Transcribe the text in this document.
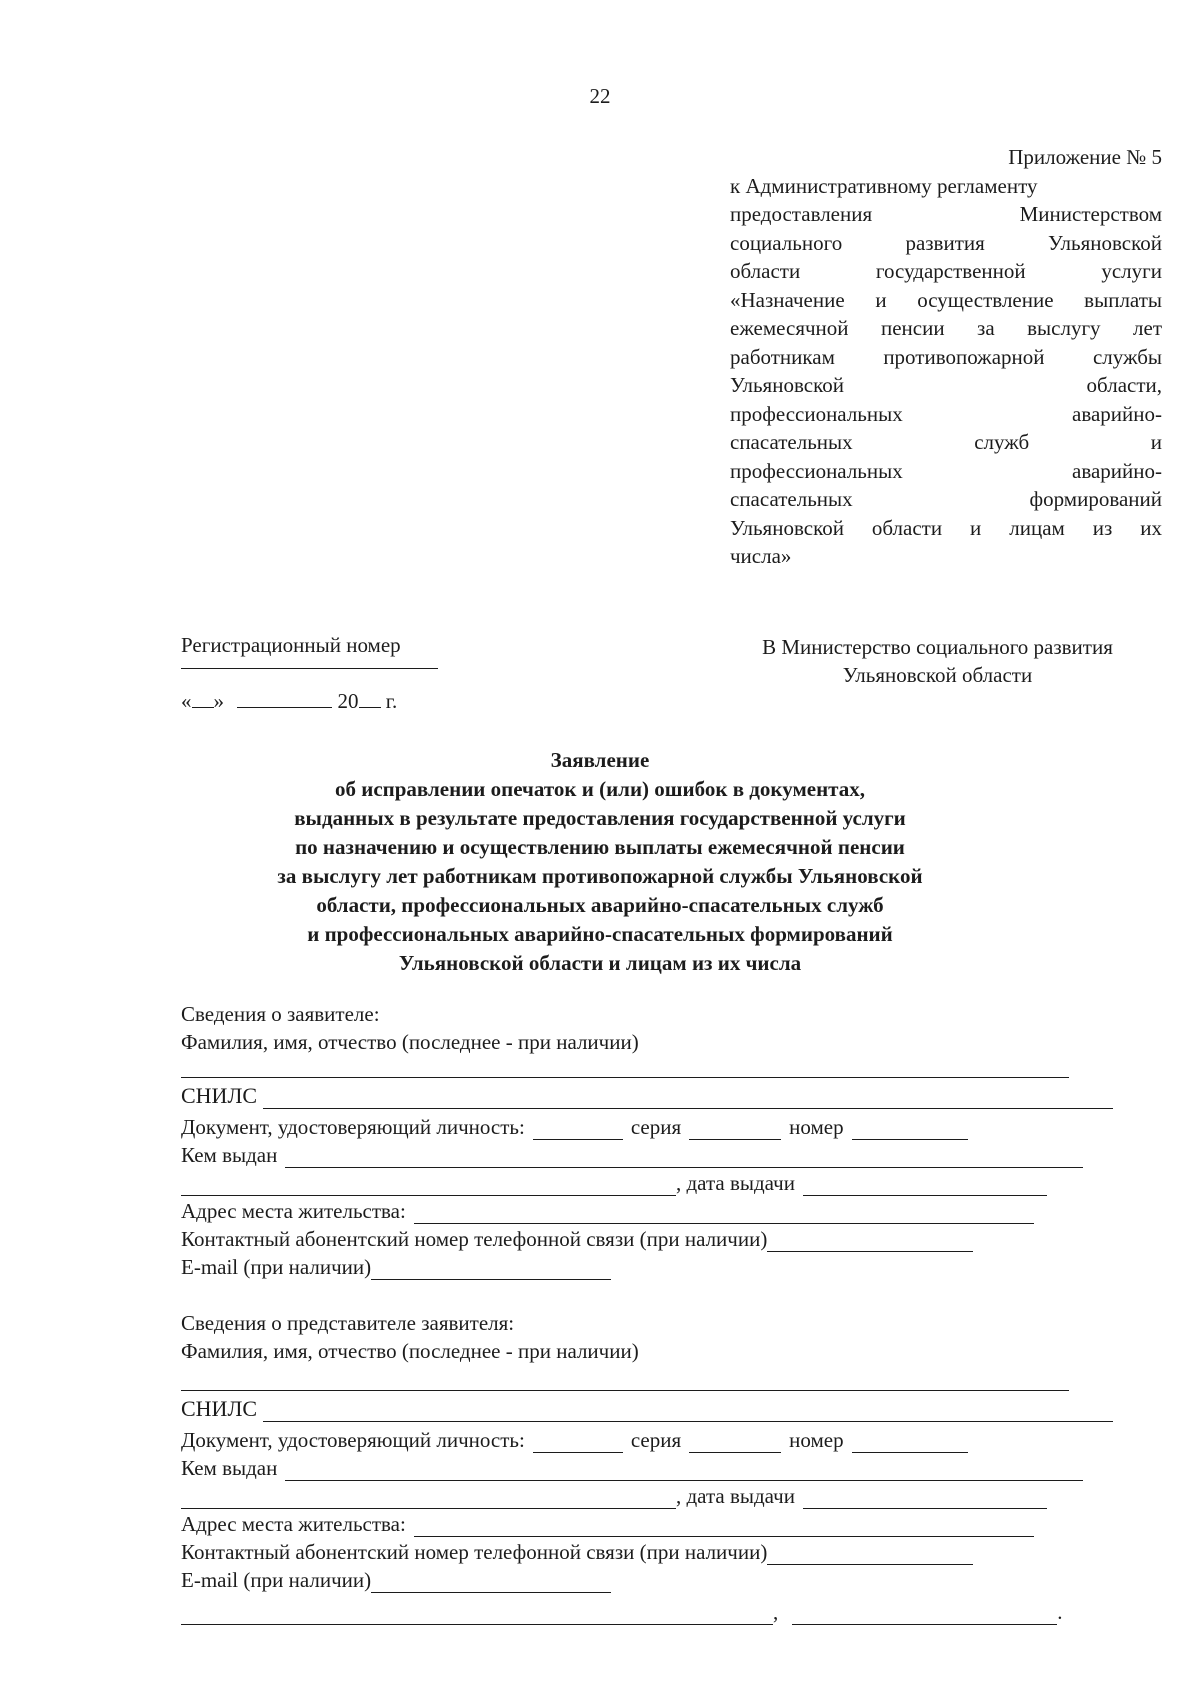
22
Приложение № 5
к Административному регламенту
предоставления Министерством
социального развития Ульяновской
области государственной услуги
«Назначение и осуществление выплаты
ежемесячной пенсии за выслугу лет
работникам противопожарной службы
Ульяновской области,
профессиональных аварийно-
спасательных служб и
профессиональных аварийно-
спасательных формирований
Ульяновской области и лицам из их
числа»
Регистрационный номер
« »	20 г.
В Министерство социального развития
Ульяновской области
Заявление
об исправлении опечаток и (или) ошибок в документах,
выданных в результате предоставления государственной услуги
по назначению и осуществлению выплаты ежемесячной пенсии
за выслугу лет работникам противопожарной службы Ульяновской
области, профессиональных аварийно-спасательных служб
и профессиональных аварийно-спасательных формирований
Ульяновской области и лицам из их числа
Сведения о заявителе:
Фамилия, имя, отчество (последнее - при наличии)
СНИЛС
Документ, удостоверяющий личность:	серия	номер
Кем выдан
, дата выдачи
Адрес места жительства:
Контактный абонентский номер телефонной связи (при наличии)
E-mail (при наличии)
Сведения о представителе заявителя:
Фамилия, имя, отчество (последнее - при наличии)
СНИЛС
Документ, удостоверяющий личность:	серия	номер
Кем выдан
, дата выдачи
Адрес места жительства:
Контактный абонентский номер телефонной связи (при наличии)
E-mail (при наличии)
,	.
